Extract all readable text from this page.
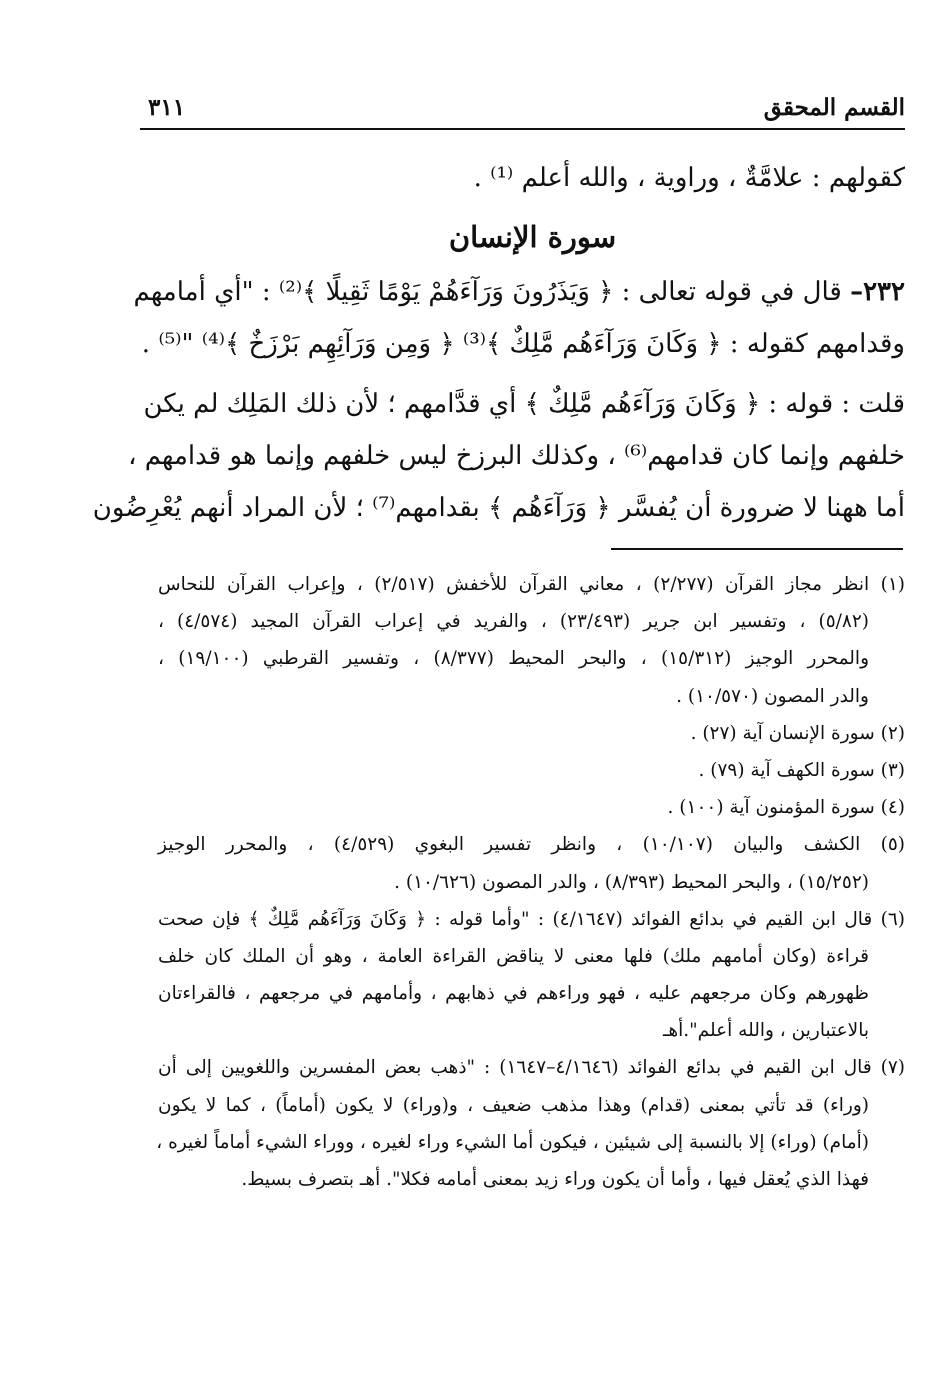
القسم المحقق
٣١١
كقولهم : علامَّةٌ ، وراوية ، والله أعلم ⁽¹⁾ .
سورة الإنسان
٢٣٢– قال في قوله تعالى : ﴿ وَيَذَرُونَ وَرَآءَهُمْ يَوْمًا ثَقِيلًا ﴾⁽²⁾ : "أي أمامهم
وقدامهم كقوله : ﴿ وَكَانَ وَرَآءَهُم مَّلِكٌ ﴾⁽³⁾ ﴿ وَمِن وَرَآئِهِم بَرْزَخٌ ﴾⁽⁴⁾ "⁽⁵⁾ .
قلت : قوله : ﴿ وَكَانَ وَرَآءَهُم مَّلِكٌ ﴾ أي قدَّامهم ؛ لأن ذلك المَلِك لم يكن
خلفهم وإنما كان قدامهم⁽⁶⁾ ، وكذلك البرزخ ليس خلفهم وإنما هو قدامهم ،
أما ههنا لا ضرورة أن يُفسَّر ﴿ وَرَآءَهُم ﴾ بقدامهم⁽⁷⁾ ؛ لأن المراد أنهم يُعْرِضُون
(١) انظر مجاز القرآن (٢/٢٧٧) ، معاني القرآن للأخفش (٢/٥١٧) ، وإعراب القرآن للنحاس
(٥/٨٢) ، وتفسير ابن جرير (٢٣/٤٩٣) ، والفريد في إعراب القرآن المجيد (٤/٥٧٤) ،
والمحرر الوجيز (١٥/٣١٢) ، والبحر المحيط (٨/٣٧٧) ، وتفسير القرطبي (١٩/١٠٠) ،
والدر المصون (١٠/٥٧٠) .
(٢) سورة الإنسان آية (٢٧) .
(٣) سورة الكهف آية (٧٩) .
(٤) سورة المؤمنون آية (١٠٠) .
(٥) الكشف والبيان (١٠/١٠٧) ، وانظر تفسير البغوي (٤/٥٢٩) ، والمحرر الوجيز
(١٥/٢٥٢) ، والبحر المحيط (٨/٣٩٣) ، والدر المصون (١٠/٦٢٦) .
(٦) قال ابن القيم في بدائع الفوائد (٤/١٦٤٧) : "وأما قوله : ﴿ وَكَانَ وَرَآءَهُم مَّلِكٌ ﴾ فإن صحت
قراءة (وكان أمامهم ملك) فلها معنى لا يناقض القراءة العامة ، وهو أن الملك كان خلف
ظهورهم وكان مرجعهم عليه ، فهو وراءهم في ذهابهم ، وأمامهم في مرجعهم ، فالقراءتان
بالاعتبارين ، والله أعلم".أهـ
(٧) قال ابن القيم في بدائع الفوائد (٤/١٦٤٦–١٦٤٧) : "ذهب بعض المفسرين واللغويين إلى أن
(وراء) قد تأتي بمعنى (قدام) وهذا مذهب ضعيف ، و(وراء) لا يكون (أماماً) ، كما لا يكون
(أمام) (وراء) إلا بالنسبة إلى شيئين ، فيكون أما الشيء وراء لغيره ، ووراء الشيء أماماً لغيره ،
فهذا الذي يُعقل فيها ، وأما أن يكون وراء زيد بمعنى أمامه فكلا". أهـ بتصرف بسيط.
